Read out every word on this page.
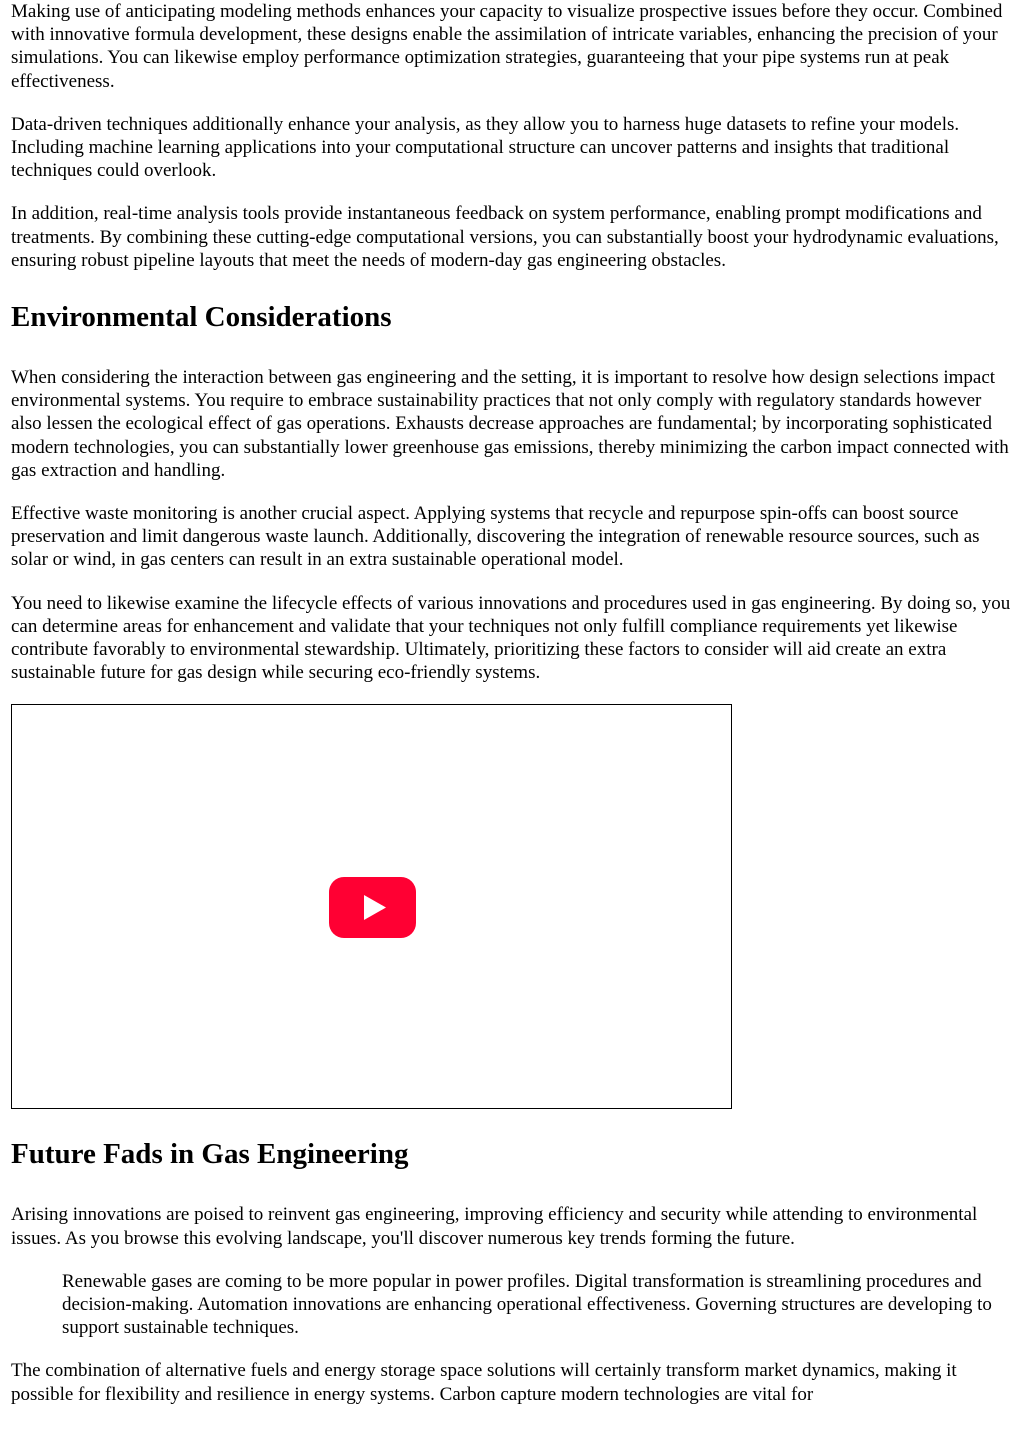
Making use of anticipating modeling methods enhances your capacity to visualize prospective issues before they occur. Combined with innovative formula development, these designs enable the assimilation of intricate variables, enhancing the precision of your simulations. You can likewise employ performance optimization strategies, guaranteeing that your pipe systems run at peak effectiveness.

Data-driven techniques additionally enhance your analysis, as they allow you to harness huge datasets to refine your models. Including machine learning applications into your computational structure can uncover patterns and insights that traditional techniques could overlook.

In addition, real-time analysis tools provide instantaneous feedback on system performance, enabling prompt modifications and treatments. By combining these cutting-edge computational versions, you can substantially boost your hydrodynamic evaluations, ensuring robust pipeline layouts that meet the needs of modern-day gas engineering obstacles.

Environmental Considerations

When considering the interaction between gas engineering and the setting, it is important to resolve how design selections impact environmental systems. You require to embrace sustainability practices that not only comply with regulatory standards however also lessen the ecological effect of gas operations. Exhausts decrease approaches are fundamental; by incorporating sophisticated modern technologies, you can substantially lower greenhouse gas emissions, thereby minimizing the carbon impact connected with gas extraction and handling.

Effective waste monitoring is another crucial aspect. Applying systems that recycle and repurpose spin-offs can boost source preservation and limit dangerous waste launch. Additionally, discovering the integration of renewable resource sources, such as solar or wind, in gas centers can result in an extra sustainable operational model.

You need to likewise examine the lifecycle effects of various innovations and procedures used in gas engineering. By doing so, you can determine areas for enhancement and validate that your techniques not only fulfill compliance requirements yet likewise contribute favorably to environmental stewardship. Ultimately, prioritizing these factors to consider will aid create an extra sustainable future for gas design while securing eco-friendly systems.

Future Fads in Gas Engineering

Arising innovations are poised to reinvent gas engineering, improving efficiency and security while attending to environmental issues. As you browse this evolving landscape, you'll discover numerous key trends forming the future.

Renewable gases are coming to be more popular in power profiles. Digital transformation is streamlining procedures and decision-making. Automation innovations are enhancing operational effectiveness. Governing structures are developing to support sustainable techniques.

The combination of alternative fuels and energy storage space solutions will certainly transform market dynamics, making it possible for flexibility and resilience in energy systems. Carbon capture modern technologies are vital for
